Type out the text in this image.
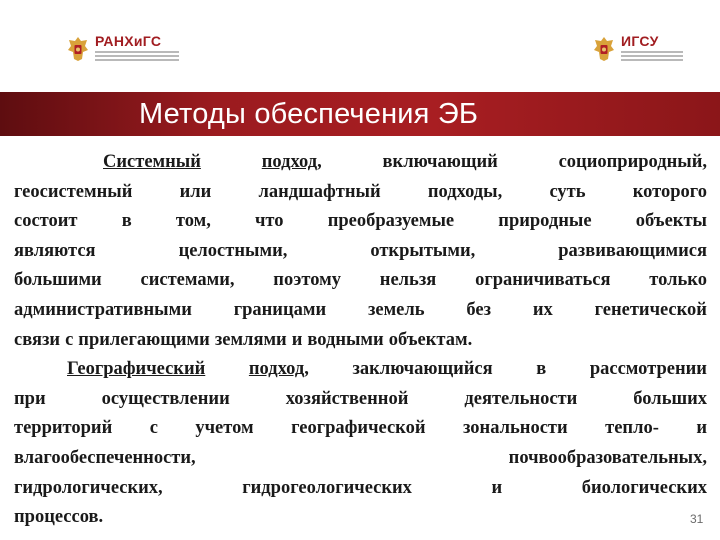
РАНХиГС	ИГСУ
Методы обеспечения ЭБ
Системный	подход,	включающий	социоприродный,
геосистемный	или	ландшафтный	подходы,	суть	которого
состоит в том, что преобразуемые природные объекты
являются	целостными,	открытыми,	развивающимися
большими системами, поэтому нельзя ограничиваться только
административными границами земель без их генетической
связи с прилегающими землями и водными объектам.
Географический подход, заключающийся в рассмотрении
при	осуществлении	хозяйственной	деятельности	больших
территорий с учетом географической зональности тепло- и
влагообеспеченности,	почвообразовательных,
гидрологических,	гидрогеологических	и	биологических
процессов.	31
